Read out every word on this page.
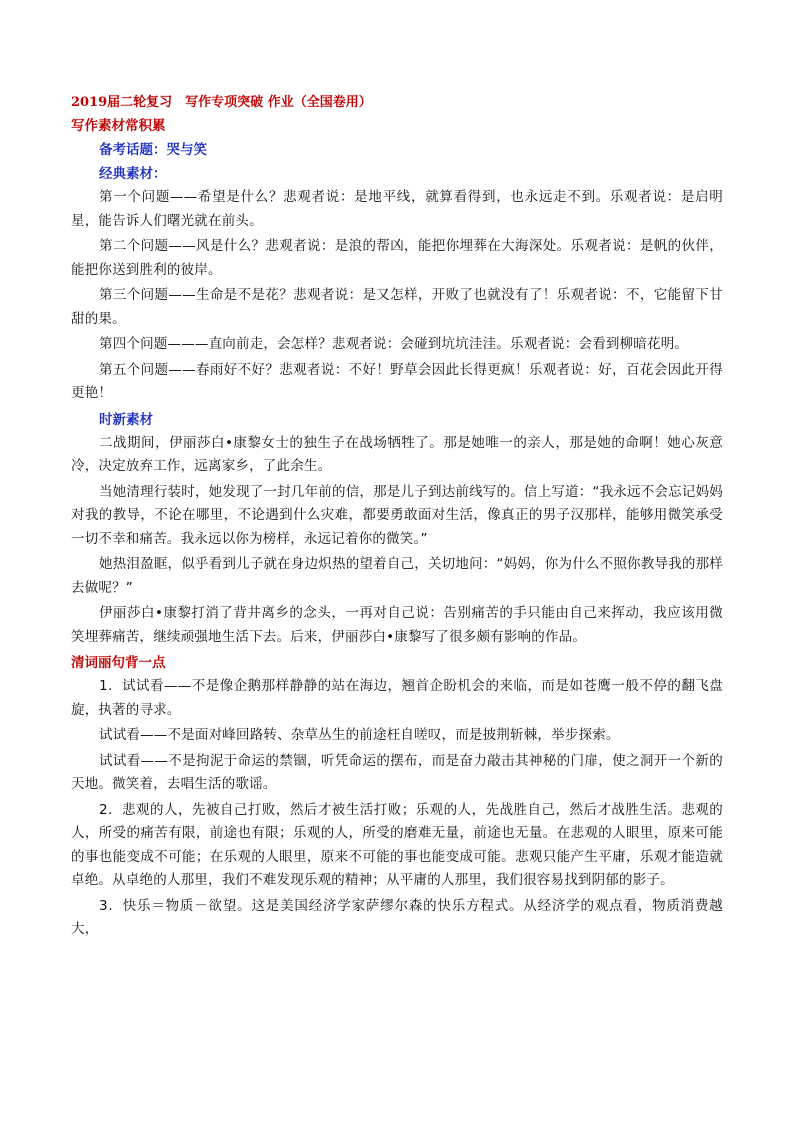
2019届二轮复习　写作专项突破 作业（全国卷用）
写作素材常积累
备考话题：哭与笑
经典素材：

第一个问题——希望是什么？悲观者说：是地平线，就算看得到，也永远走不到。乐观者说：是启明星，能告诉人们曙光就在前头。

第二个问题——风是什么？悲观者说：是浪的帮凶，能把你埋葬在大海深处。乐观者说：是帆的伙伴，能把你送到胜利的彼岸。

第三个问题——生命是不是花？悲观者说：是又怎样，开败了也就没有了！乐观者说：不，它能留下甘甜的果。

第四个问题———直向前走，会怎样？悲观者说：会碰到坑坑洼洼。乐观者说：会看到柳暗花明。

第五个问题——春雨好不好？悲观者说：不好！野草会因此长得更疯！乐观者说：好，百花会因此开得更艳！

时新素材

二战期间，伊丽莎白•康黎女士的独生子在战场牺牲了。那是她唯一的亲人，那是她的命啊！她心灰意冷，决定放弃工作，远离家乡，了此余生。

当她清理行装时，她发现了一封几年前的信，那是儿子到达前线写的。信上写道：“我永远不会忘记妈妈对我的教导，不论在哪里，不论遇到什么灾难，都要勇敢面对生活，像真正的男子汉那样，能够用微笑承受一切不幸和痛苦。我永远以你为榜样，永远记着你的微笑。”

她热泪盈眶，似乎看到儿子就在身边炽热的望着自己，关切地问：“妈妈，你为什么不照你教导我的那样去做呢？”

伊丽莎白•康黎打消了背井离乡的念头，一再对自己说：告别痛苦的手只能由自己来挥动，我应该用微笑埋葬痛苦，继续顽强地生活下去。后来，伊丽莎白•康黎写了很多颇有影响的作品。

清词丽句背一点

1．试试看——不是像企鹅那样静静的站在海边，翘首企盼机会的来临，而是如苍鹰一般不停的翻飞盘旋，执著的寻求。

试试看——不是面对峰回路转、杂草丛生的前途枉自嗟叹，而是披荆斩棘，举步探索。

试试看——不是拘泥于命运的禁锢，听凭命运的摆布，而是奋力敲击其神秘的门扉，使之洞开一个新的天地。微笑着，去唱生活的歌谣。

2．悲观的人，先被自己打败，然后才被生活打败；乐观的人，先战胜自己，然后才战胜生活。悲观的人，所受的痛苦有限，前途也有限；乐观的人，所受的磨难无量，前途也无量。在悲观的人眼里，原来可能的事也能变成不可能；在乐观的人眼里，原来不可能的事也能变成可能。悲观只能产生平庸，乐观才能造就卓绝。从卓绝的人那里，我们不难发现乐观的精神；从平庸的人那里，我们很容易找到阴郁的影子。

3．快乐＝物质－欲望。这是美国经济学家萨缪尔森的快乐方程式。从经济学的观点看，物质消费越大，
